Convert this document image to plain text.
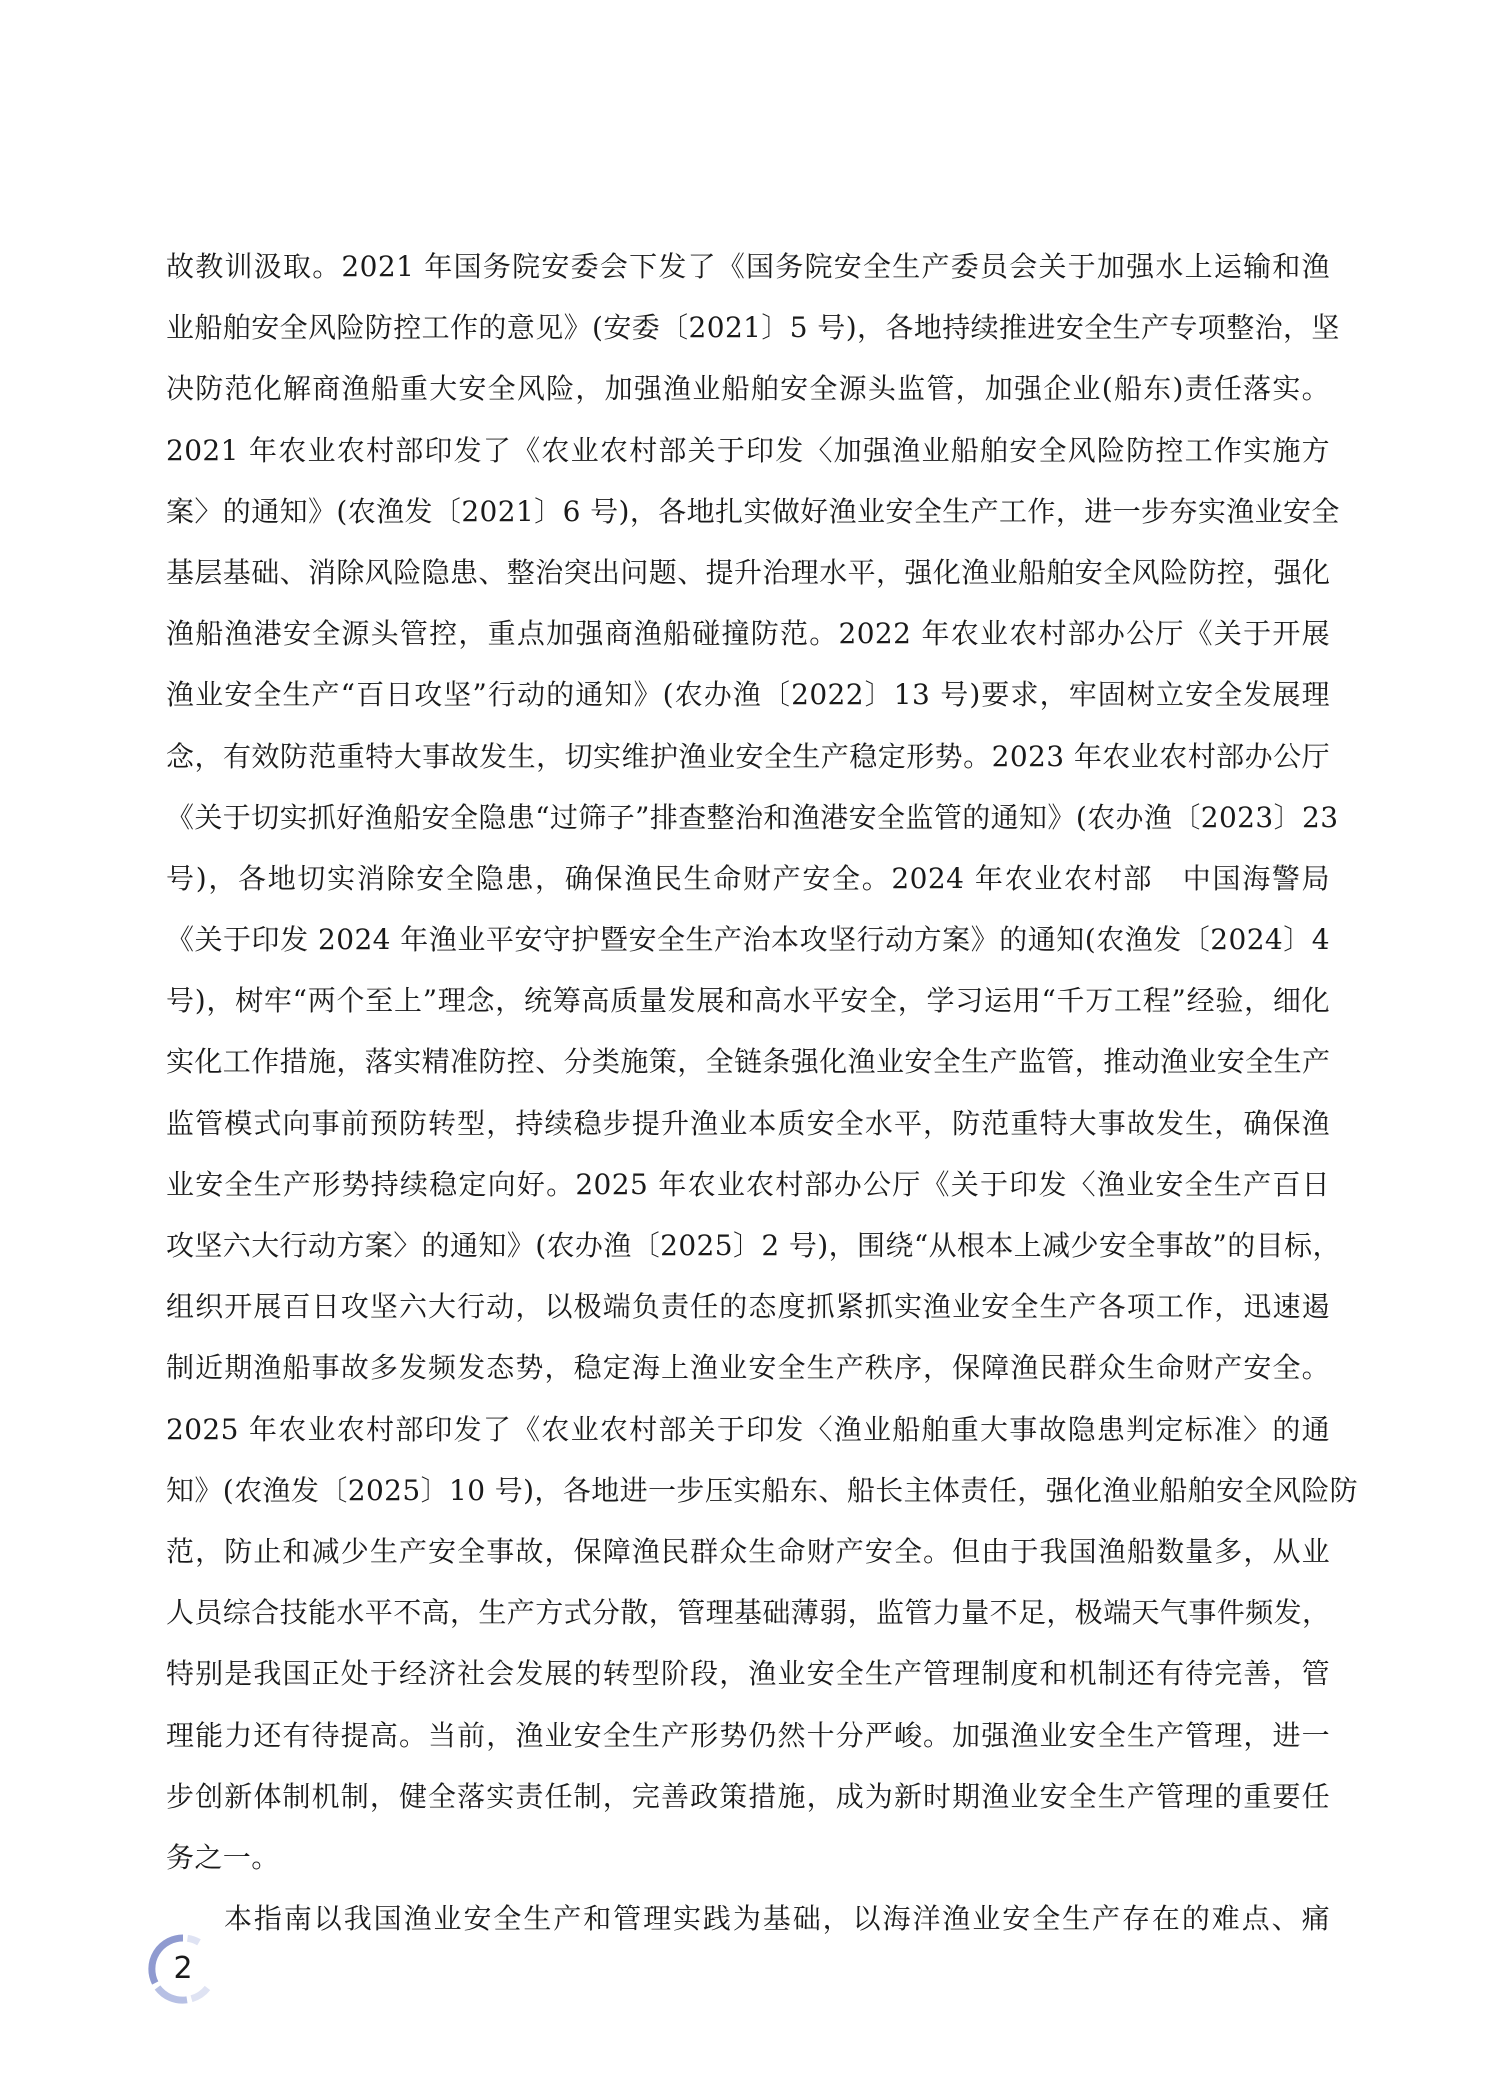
故教训汲取。2021 年国务院安委会下发了《国务院安全生产委员会关于加强水上运输和渔
业船舶安全风险防控工作的意见》(安委〔2021〕5 号)，各地持续推进安全生产专项整治，坚
决防范化解商渔船重大安全风险，加强渔业船舶安全源头监管，加强企业(船东)责任落实。
2021 年农业农村部印发了《农业农村部关于印发〈加强渔业船舶安全风险防控工作实施方
案〉的通知》(农渔发〔2021〕6 号)，各地扎实做好渔业安全生产工作，进一步夯实渔业安全
基层基础、消除风险隐患、整治突出问题、提升治理水平，强化渔业船舶安全风险防控，强化
渔船渔港安全源头管控，重点加强商渔船碰撞防范。2022 年农业农村部办公厅《关于开展
渔业安全生产“百日攻坚”行动的通知》(农办渔〔2022〕13 号)要求，牢固树立安全发展理
念，有效防范重特大事故发生，切实维护渔业安全生产稳定形势。2023 年农业农村部办公厅
《关于切实抓好渔船安全隐患“过筛子”排查整治和渔港安全监管的通知》(农办渔〔2023〕23
号)，各地切实消除安全隐患，确保渔民生命财产安全。2024 年农业农村部　中国海警局
《关于印发 2024 年渔业平安守护暨安全生产治本攻坚行动方案》的通知(农渔发〔2024〕4
号)，树牢“两个至上”理念，统筹高质量发展和高水平安全，学习运用“千万工程”经验，细化
实化工作措施，落实精准防控、分类施策，全链条强化渔业安全生产监管，推动渔业安全生产
监管模式向事前预防转型，持续稳步提升渔业本质安全水平，防范重特大事故发生，确保渔
业安全生产形势持续稳定向好。2025 年农业农村部办公厅《关于印发〈渔业安全生产百日
攻坚六大行动方案〉的通知》(农办渔〔2025〕2 号)，围绕“从根本上减少安全事故”的目标，
组织开展百日攻坚六大行动，以极端负责任的态度抓紧抓实渔业安全生产各项工作，迅速遏
制近期渔船事故多发频发态势，稳定海上渔业安全生产秩序，保障渔民群众生命财产安全。
2025 年农业农村部印发了《农业农村部关于印发〈渔业船舶重大事故隐患判定标准〉的通
知》(农渔发〔2025〕10 号)，各地进一步压实船东、船长主体责任，强化渔业船舶安全风险防
范，防止和减少生产安全事故，保障渔民群众生命财产安全。但由于我国渔船数量多，从业
人员综合技能水平不高，生产方式分散，管理基础薄弱，监管力量不足，极端天气事件频发，
特别是我国正处于经济社会发展的转型阶段，渔业安全生产管理制度和机制还有待完善，管
理能力还有待提高。当前，渔业安全生产形势仍然十分严峻。加强渔业安全生产管理，进一
步创新体制机制，健全落实责任制，完善政策措施，成为新时期渔业安全生产管理的重要任
务之一。
本指南以我国渔业安全生产和管理实践为基础，以海洋渔业安全生产存在的难点、痛
2
